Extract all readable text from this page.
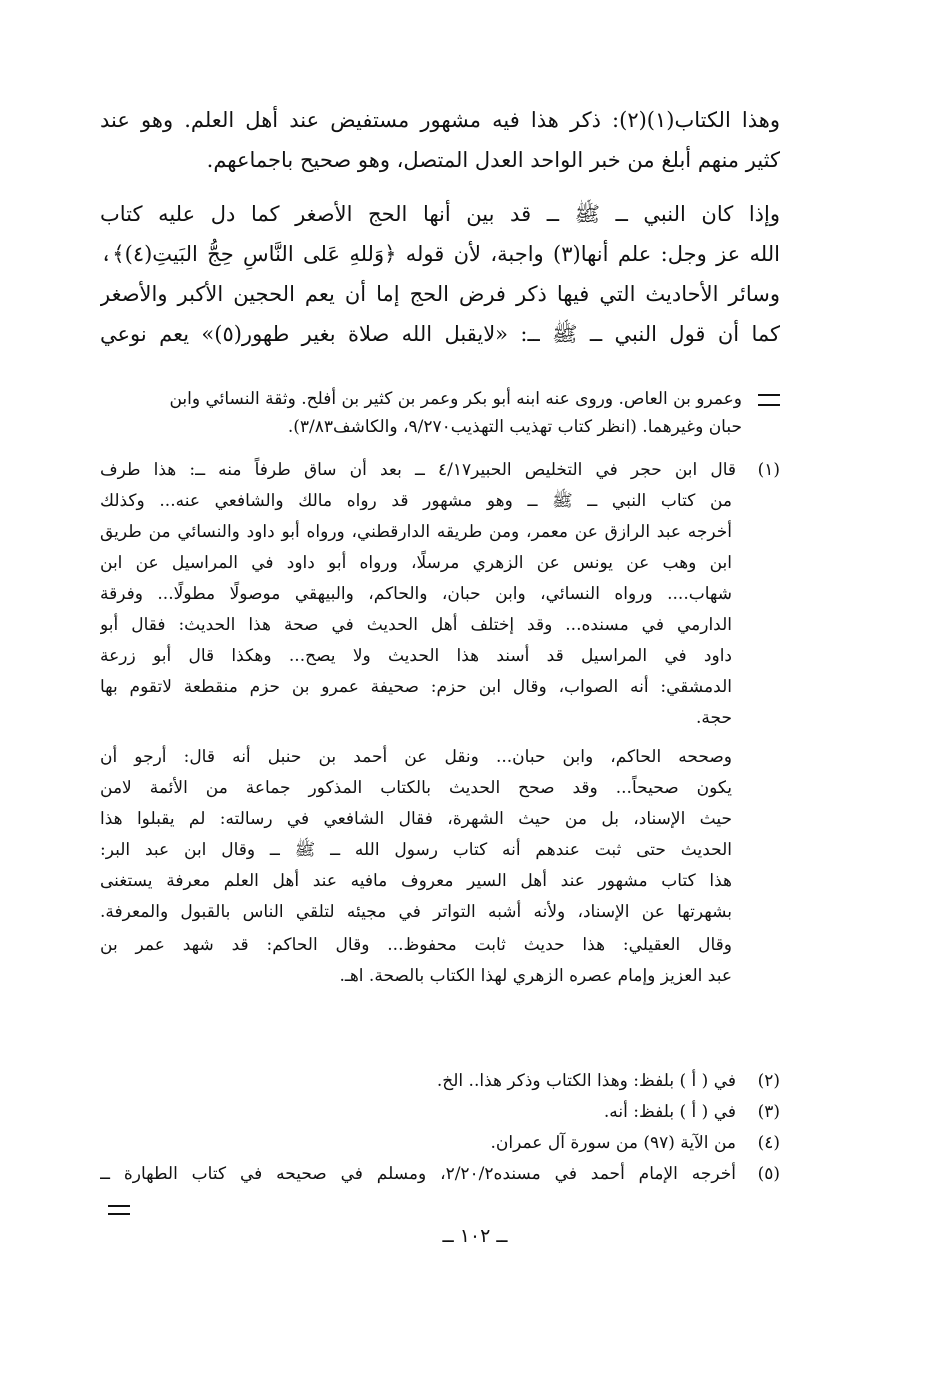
وهذا الكتاب(١)(٢): ذكر هذا فيه مشهور مستفيض عند أهل العلم. وهو عند
كثير منهم أبلغ من خبر الواحد العدل المتصل، وهو صحيح باجماعهم.
وإذا كان النبي ــ ﷺ ــ قد بين أنها الحج الأصغر كما دل عليه كتاب
الله عز وجل: علم أنها(٣) واجبة، لأن قوله ﴿وَللهِ عَلى النَّاسِ حِجُّ البَيتِ(٤)﴾،
وسائر الأحاديث التي فيها ذكر فرض الحج إما أن يعم الحجين الأكبر والأصغر
كما أن قول النبي ــ ﷺ ــ: «لايقبل الله صلاة بغير طهور(٥)» يعم نوعي
وعمرو بن العاص. وروى عنه ابنه أبو بكر وعمر بن كثير بن أفلح. وثقة النسائي وابن
حبان وغيرهما. (انظر كتاب تهذيب التهذيب٩/٢٧٠، والكاشف٣/٨٣).
(١)قال ابن حجر في التخليص الحبير٤/١٧ ــ بعد أن ساق طرفاً منه ــ: هذا طرف
من كتاب النبي ــ ﷺ ــ وهو مشهور قد رواه مالك والشافعي عنه... وكذلك
أخرجه عبد الرازق عن معمر، ومن طريقه الدارقطني، ورواه أبو داود والنسائي من طريق
ابن وهب عن يونس عن الزهري مرسلًا، ورواه أبو داود في المراسيل عن ابن
شهاب.... ورواه النسائي، وابن حبان، والحاكم، والبيهقي موصولًا مطولًا... وفرقة
الدارمي في مسنده... وقد إختلف أهل الحديث في صحة هذا الحديث: فقال أبو
داود في المراسيل قد أسند هذا الحديث ولا يصح... وهكذا قال أبو زرعة
الدمشقي: أنه الصواب، وقال ابن حزم: صحيفة عمرو بن حزم منقطعة لاتقوم بها
حجة.
وصححه الحاكم، وابن حبان... ونقل عن أحمد بن حنبل أنه قال: أرجو أن
يكون صحيحاً... وقد صحح الحديث بالكتاب المذكور جماعة من الأئمة لامن
حيث الإسناد، بل من حيث الشهرة، فقال الشافعي في رسالته: لم يقبلوا هذا
الحديث حتى ثبت عندهم أنه كتاب رسول الله ــ ﷺ ــ وقال ابن عبد البر:
هذا كتاب مشهور عند أهل السير معروف مافيه عند أهل العلم معرفة يستغنى
بشهرتها عن الإسناد، ولأنه أشبه التواتر في مجيئه لتلقي الناس بالقبول والمعرفة.
وقال العقيلي: هذا حديث ثابت محفوظ... وقال الحاكم: قد شهد عمر بن
عبد العزيز وإمام عصره الزهري لهذا الكتاب بالصحة. اهـ.
(٢)في ( أ ) بلفظ: وهذا الكتاب وذكر هذا.. الخ.
(٣)في ( أ ) بلفظ: أنه.
(٤)من الآية (٩٧) من سورة آل عمران.
(٥)أخرجه الإمام أحمد في مسنده٢/٢٠/٢، ومسلم في صحيحه في كتاب الطهارة ــ
ــ ١٠٢ ــ
